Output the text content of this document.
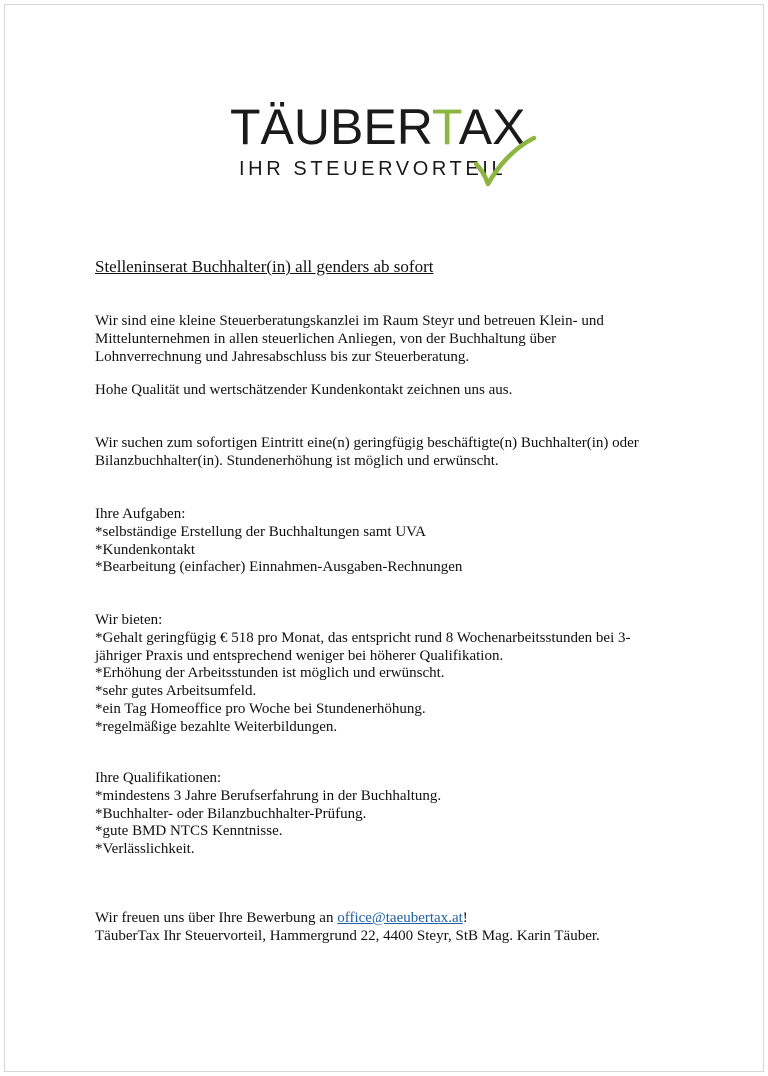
TÄUBERTAX
IHR STEUERVORTEIL
Stelleninserat Buchhalter(in) all genders ab sofort
Wir sind eine kleine Steuerberatungskanzlei im Raum Steyr und betreuen Klein- und
Mittelunternehmen in allen steuerlichen Anliegen, von der Buchhaltung über
Lohnverrechnung und Jahresabschluss bis zur Steuerberatung.
Hohe Qualität und wertschätzender Kundenkontakt zeichnen uns aus.
Wir suchen zum sofortigen Eintritt eine(n) geringfügig beschäftigte(n) Buchhalter(in) oder
Bilanzbuchhalter(in). Stundenerhöhung ist möglich und erwünscht.
Ihre Aufgaben:
*selbständige Erstellung der Buchhaltungen samt UVA
*Kundenkontakt
*Bearbeitung (einfacher) Einnahmen-Ausgaben-Rechnungen
Wir bieten:
*Gehalt geringfügig € 518 pro Monat, das entspricht rund 8 Wochenarbeitsstunden bei 3-
jähriger Praxis und entsprechend weniger bei höherer Qualifikation.
*Erhöhung der Arbeitsstunden ist möglich und erwünscht.
*sehr gutes Arbeitsumfeld.
*ein Tag Homeoffice pro Woche bei Stundenerhöhung.
*regelmäßige bezahlte Weiterbildungen.
Ihre Qualifikationen:
*mindestens 3 Jahre Berufserfahrung in der Buchhaltung.
*Buchhalter- oder Bilanzbuchhalter-Prüfung.
*gute BMD NTCS Kenntnisse.
*Verlässlichkeit.
Wir freuen uns über Ihre Bewerbung an office@taeubertax.at!
TäuberTax Ihr Steuervorteil, Hammergrund 22, 4400 Steyr, StB Mag. Karin Täuber.
